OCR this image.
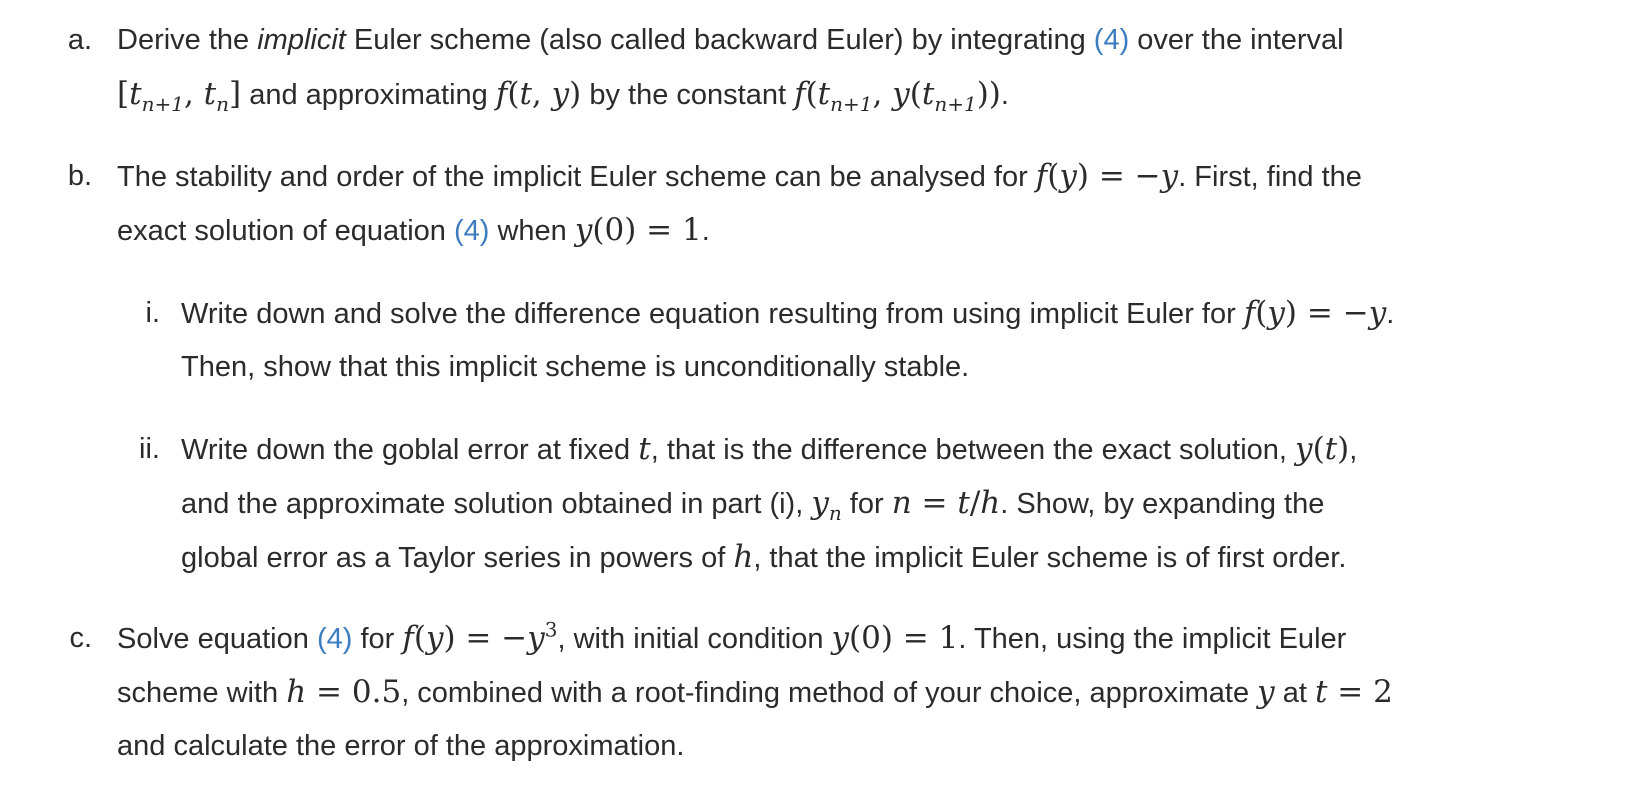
a. Derive the implicit Euler scheme (also called backward Euler) by integrating (4) over the interval
[$t_{n+1}$, $t_n$] and approximating f(t, y) by the constant $f(t_{n+1}$, $y(t_{n+1})$).
b. The stability and order of the implicit Euler scheme can be analysed for f(y) = −y. First, find the
exact solution of equation (4) when y(0) = 1.
i. Write down and solve the difference equation resulting from using implicit Euler for f(y) = −y.
Then, show that this implicit scheme is unconditionally stable.
ii. Write down the goblal error at fixed t, that is the difference between the exact solution, y(t),
and the approximate solution obtained in part (i), $y_n$ for n = t/h. Show, by expanding the
global error as a Taylor series in powers of h, that the implicit Euler scheme is of first order.
c. Solve equation (4) for $f(y) = -y^3$, with initial condition y(0) = 1. Then, using the implicit Euler
scheme with h = 0.5, combined with a root-finding method of your choice, approximate y at t = 2
and calculate the error of the approximation.
